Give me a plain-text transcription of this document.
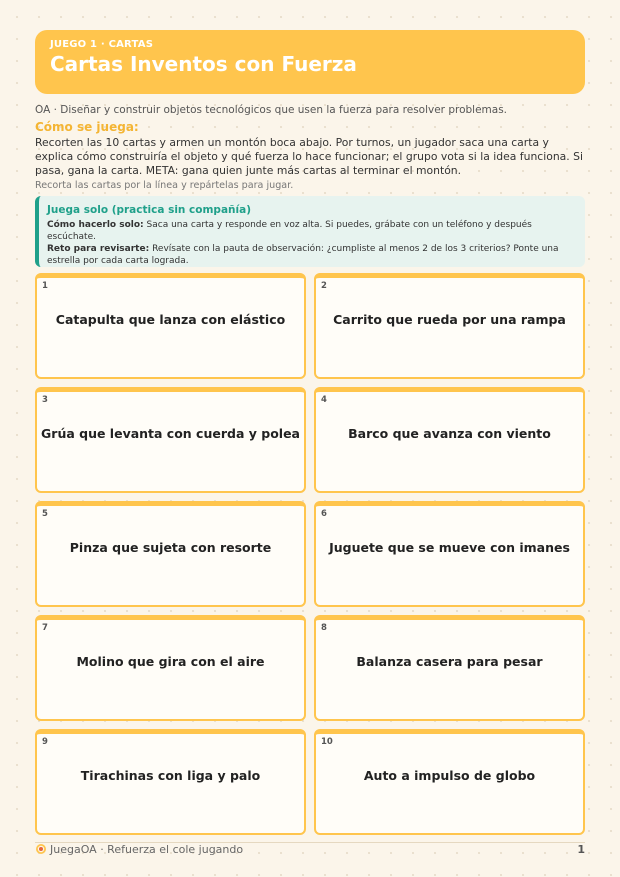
JUEGO 1 · CARTAS
Cartas Inventos con Fuerza
OA · Diseñar y construir objetos tecnológicos que usen la fuerza para resolver problemas.
Cómo se juega:
Recorten las 10 cartas y armen un montón boca abajo. Por turnos, un jugador saca una carta y explica cómo construiría el objeto y qué fuerza lo hace funcionar; el grupo vota si la idea funciona. Si pasa, gana la carta. META: gana quien junte más cartas al terminar el montón.
Recorta las cartas por la línea y repártelas para jugar.
Juega solo (practica sin compañía)
Cómo hacerlo solo: Saca una carta y responde en voz alta. Si puedes, grábate con un teléfono y después escúchate.
Reto para revisarte: Revísate con la pauta de observación: ¿cumpliste al menos 2 de los 3 criterios? Ponte una estrella por cada carta lograda.
1
Catapulta que lanza con elástico
2
Carrito que rueda por una rampa
3
Grúa que levanta con cuerda y polea
4
Barco que avanza con viento
5
Pinza que sujeta con resorte
6
Juguete que se mueve con imanes
7
Molino que gira con el aire
8
Balanza casera para pesar
9
Tirachinas con liga y palo
10
Auto a impulso de globo
JuegaOA · Refuerza el cole jugando	1
